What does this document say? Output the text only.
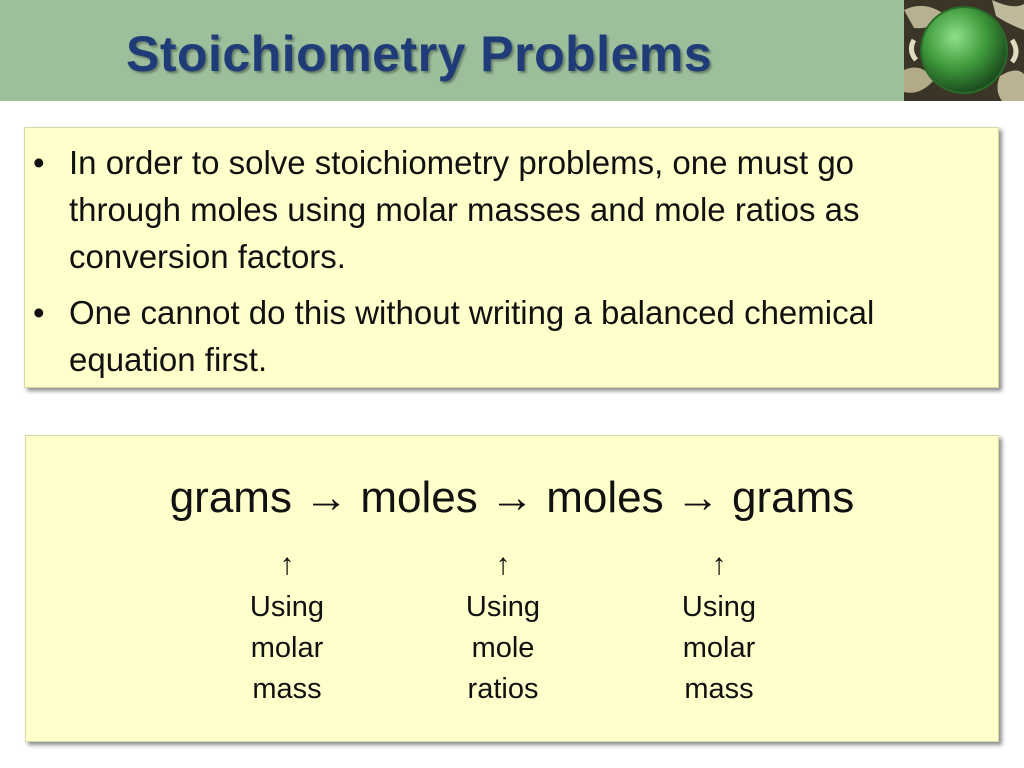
Stoichiometry Problems
• In order to solve stoichiometry problems, one must go through moles using molar masses and mole ratios as conversion factors.
• One cannot do this without writing a balanced chemical equation first.
grams → moles → moles → grams
↑
Using
molar
mass
↑
Using
mole
ratios
↑
Using
molar
mass
